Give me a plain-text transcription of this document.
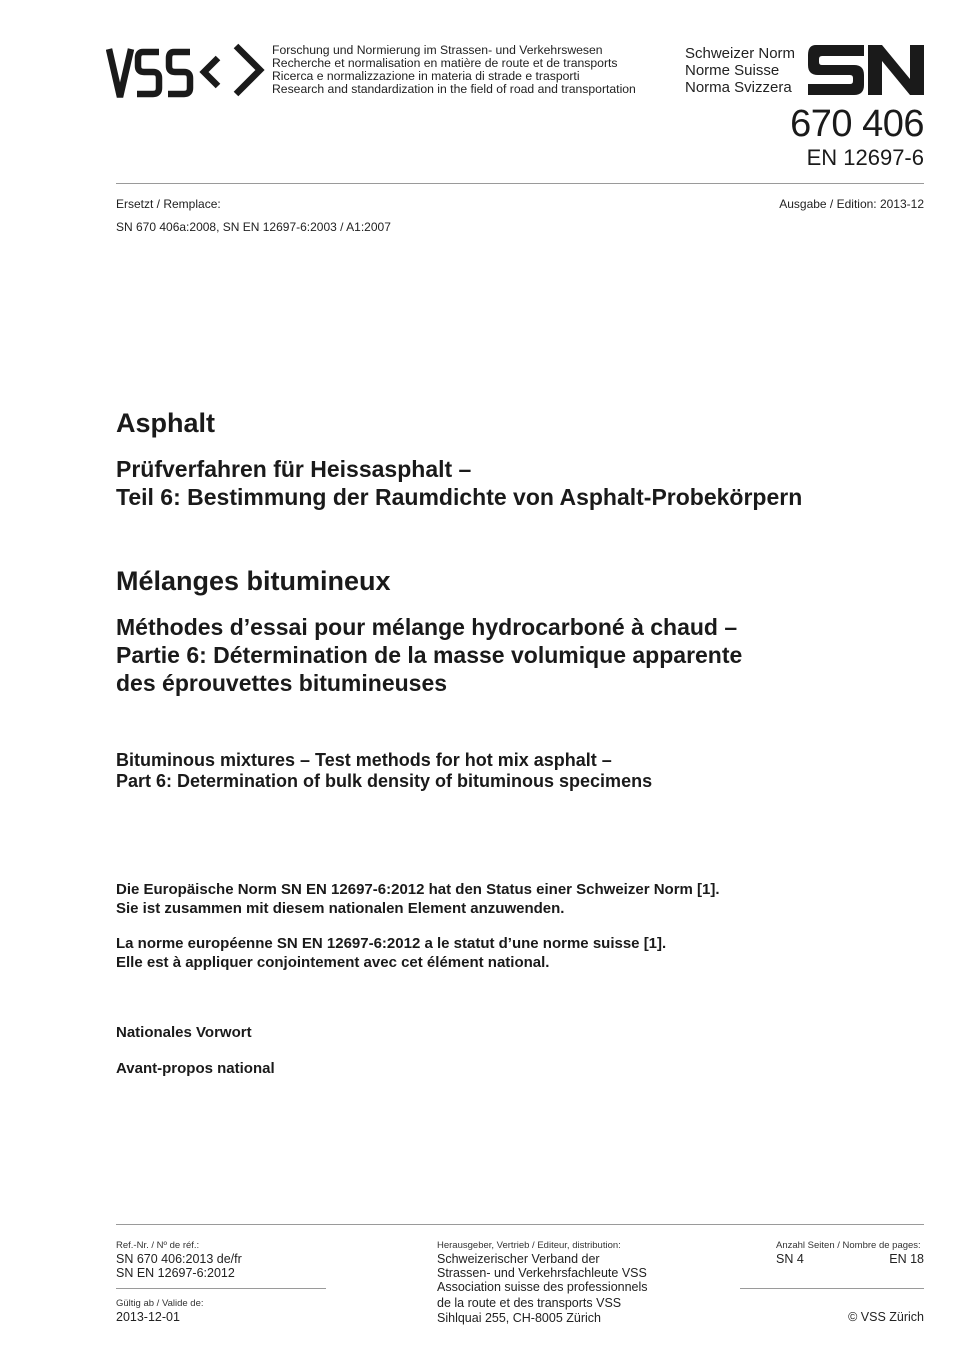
Forschung und Normierung im Strassen- und Verkehrswesen
Recherche et normalisation en matière de route et de transports
Ricerca e normalizzazione in materia di strade e trasporti
Research and standardization in the field of road and transportation
Schweizer Norm
Norme Suisse
Norma Svizzera
670 406
EN 12697-6
Ersetzt / Remplace:
SN 670 406a:2008, SN EN 12697-6:2003 / A1:2007
Ausgabe / Edition: 2013-12
Asphalt
Prüfverfahren für Heissasphalt –
Teil 6: Bestimmung der Raumdichte von Asphalt-Probekörpern
Mélanges bitumineux
Méthodes d’essai pour mélange hydrocarboné à chaud –
Partie 6: Détermination de la masse volumique apparente
des éprouvettes bitumineuses
Bituminous mixtures – Test methods for hot mix asphalt –
Part 6: Determination of bulk density of bituminous specimens
Die Europäische Norm SN EN 12697-6:2012 hat den Status einer Schweizer Norm [1].
Sie ist zusammen mit diesem nationalen Element anzuwenden.
La norme européenne SN EN 12697-6:2012 a le statut d’une norme suisse [1].
Elle est à appliquer conjointement avec cet élément national.
Nationales Vorwort
Avant-propos national
Ref.-Nr. / Nº de réf.:
SN 670 406:2013 de/fr
SN EN 12697-6:2012
Gültig ab / Valide de:
2013-12-01
Herausgeber, Vertrieb / Editeur, distribution:
Schweizerischer Verband der
Strassen- und Verkehrsfachleute VSS
Association suisse des professionnels
de la route et des transports VSS
Sihlquai 255, CH-8005 Zürich
Anzahl Seiten / Nombre de pages:
SN 4	EN 18
© VSS Zürich
